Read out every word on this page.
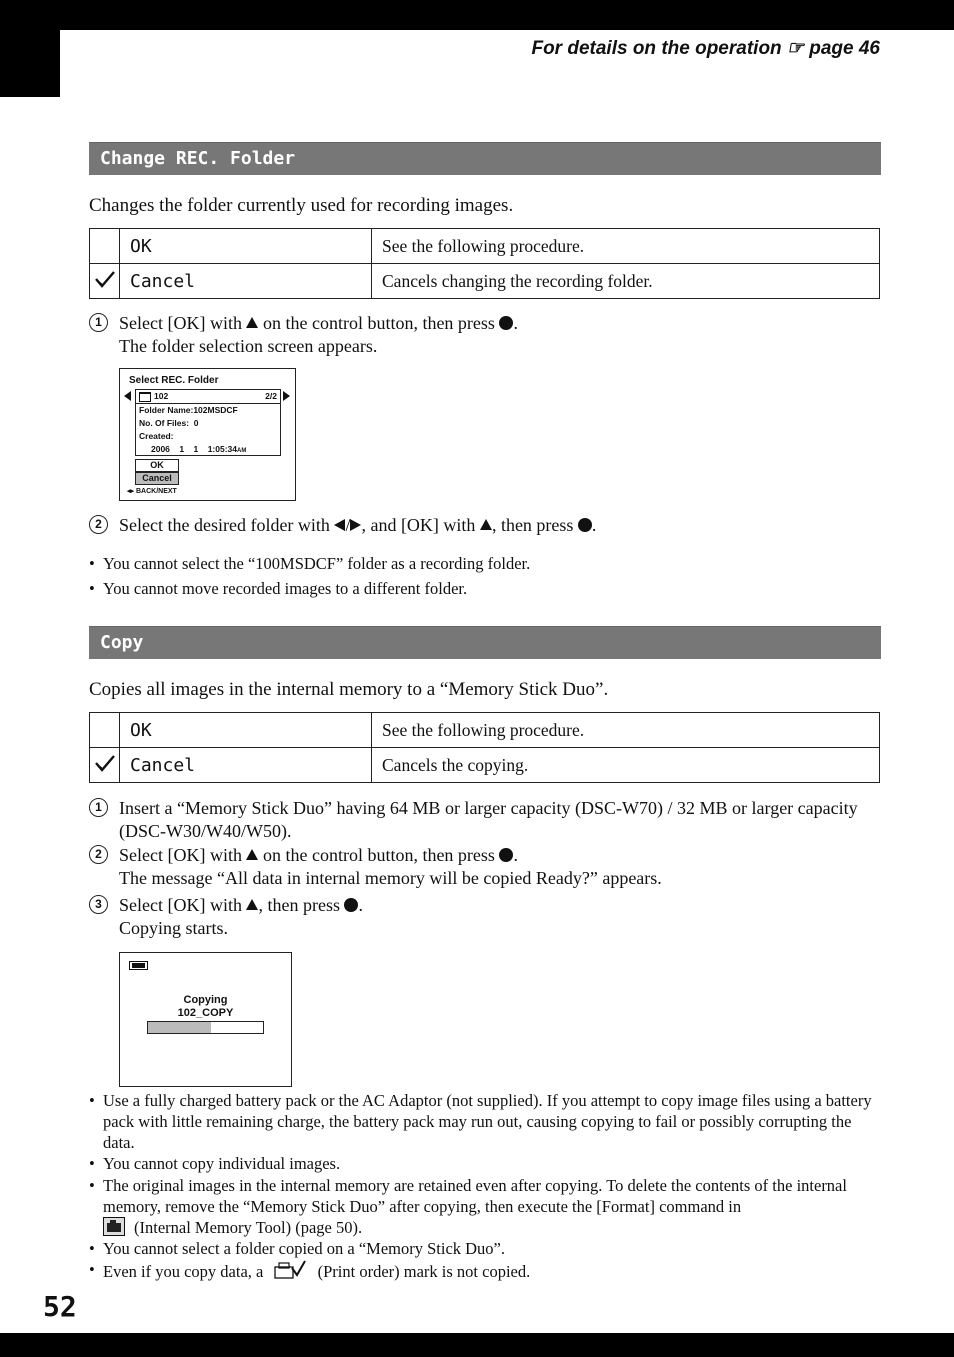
For details on the operation ☞ page 46
Change REC. Folder
Changes the folder currently used for recording images.
	OK	See the following procedure.
	Cancel	Cancels changing the recording folder.
1 Select [OK] with on the control button, then press .
The folder selection screen appears.
Select REC. Folder
102	2/2
Folder Name:102MSDCF
No. Of Files:  0
Created:
2006    1    1    1:05:34AM
OK
Cancel
◂▸ BACK/NEXT
2 Select the desired folder with / , and [OK] with , then press .
• You cannot select the “100MSDCF” folder as a recording folder.
• You cannot move recorded images to a different folder.
Copy
Copies all images in the internal memory to a “Memory Stick Duo”.
	OK	See the following procedure.
	Cancel	Cancels the copying.
1 Insert a “Memory Stick Duo” having 64 MB or larger capacity (DSC-W70) / 32 MB or larger capacity (DSC-W30/W40/W50).
2 Select [OK] with on the control button, then press .
The message “All data in internal memory will be copied Ready?” appears.
3 Select [OK] with , then press .
Copying starts.
Copying
102_COPY
• Use a fully charged battery pack or the AC Adaptor (not supplied). If you attempt to copy image files using a battery pack with little remaining charge, the battery pack may run out, causing copying to fail or possibly corrupting the data.
• You cannot copy individual images.
• The original images in the internal memory are retained even after copying. To delete the contents of the internal memory, remove the “Memory Stick Duo” after copying, then execute the [Format] command in

(Internal Memory Tool) (page 50).
• You cannot select a folder copied on a “Memory Stick Duo”.
• Even if you copy data, a	(Print order) mark is not copied.
52
